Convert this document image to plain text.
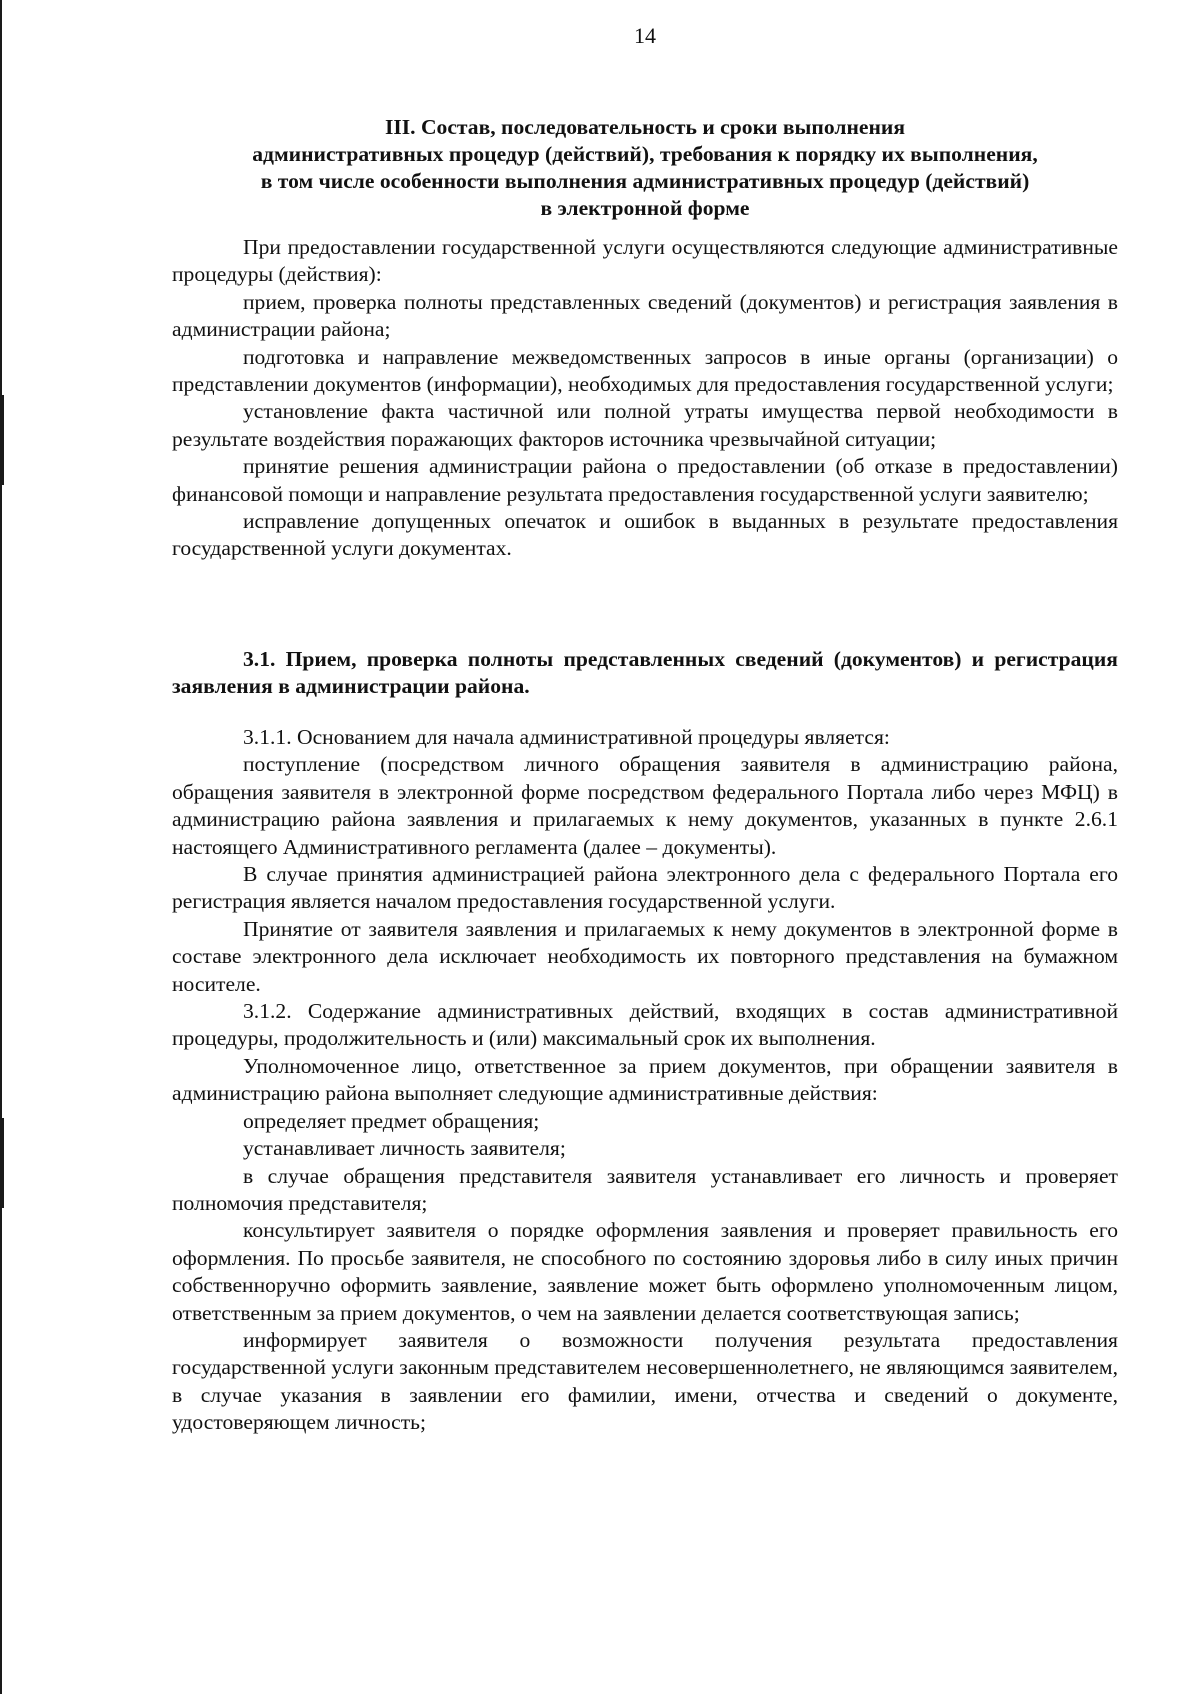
14
III. Состав, последовательность и сроки выполнения
административных процедур (действий), требования к порядку их выполнения,
в том числе особенности выполнения административных процедур (действий)
в электронной форме

При предоставлении государственной услуги осуществляются следующие административные процедуры (действия):

прием, проверка полноты представленных сведений (документов) и регистрация заявления в администрации района;

подготовка и направление межведомственных запросов в иные органы (организации) о представлении документов (информации), необходимых для предоставления государственной услуги;

установление факта частичной или полной утраты имущества первой необходимости в результате воздействия поражающих факторов источника чрезвычайной ситуации;

принятие решения администрации района о предоставлении (об отказе в предоставлении) финансовой помощи и направление результата предоставления государственной услуги заявителю;

исправление допущенных опечаток и ошибок в выданных в результате предоставления государственной услуги документах.

3.1. Прием, проверка полноты представленных сведений (документов) и регистрация заявления в администрации района.

3.1.1. Основанием для начала административной процедуры является:

поступление (посредством личного обращения заявителя в администрацию района, обращения заявителя в электронной форме посредством федерального Портала либо через МФЦ) в администрацию района заявления и прилагаемых к нему документов, указанных в пункте 2.6.1 настоящего Административного регламента (далее – документы).

В случае принятия администрацией района электронного дела с федерального Портала его регистрация является началом предоставления государственной услуги.

Принятие от заявителя заявления и прилагаемых к нему документов в электронной форме в составе электронного дела исключает необходимость их повторного представления на бумажном носителе.

3.1.2. Содержание административных действий, входящих в состав административной процедуры, продолжительность и (или) максимальный срок их выполнения.

Уполномоченное лицо, ответственное за прием документов, при обращении заявителя в администрацию района выполняет следующие административные действия:

определяет предмет обращения;

устанавливает личность заявителя;

в случае обращения представителя заявителя устанавливает его личность и проверяет полномочия представителя;

консультирует заявителя о порядке оформления заявления и проверяет правильность его оформления. По просьбе заявителя, не способного по состоянию здоровья либо в силу иных причин собственноручно оформить заявление, заявление может быть оформлено уполномоченным лицом, ответственным за прием документов, о чем на заявлении делается соответствующая запись;

информирует заявителя о возможности получения результата предоставления государственной услуги законным представителем несовершеннолетнего, не являющимся заявителем, в случае указания в заявлении его фамилии, имени, отчества и сведений о документе, удостоверяющем личность;
